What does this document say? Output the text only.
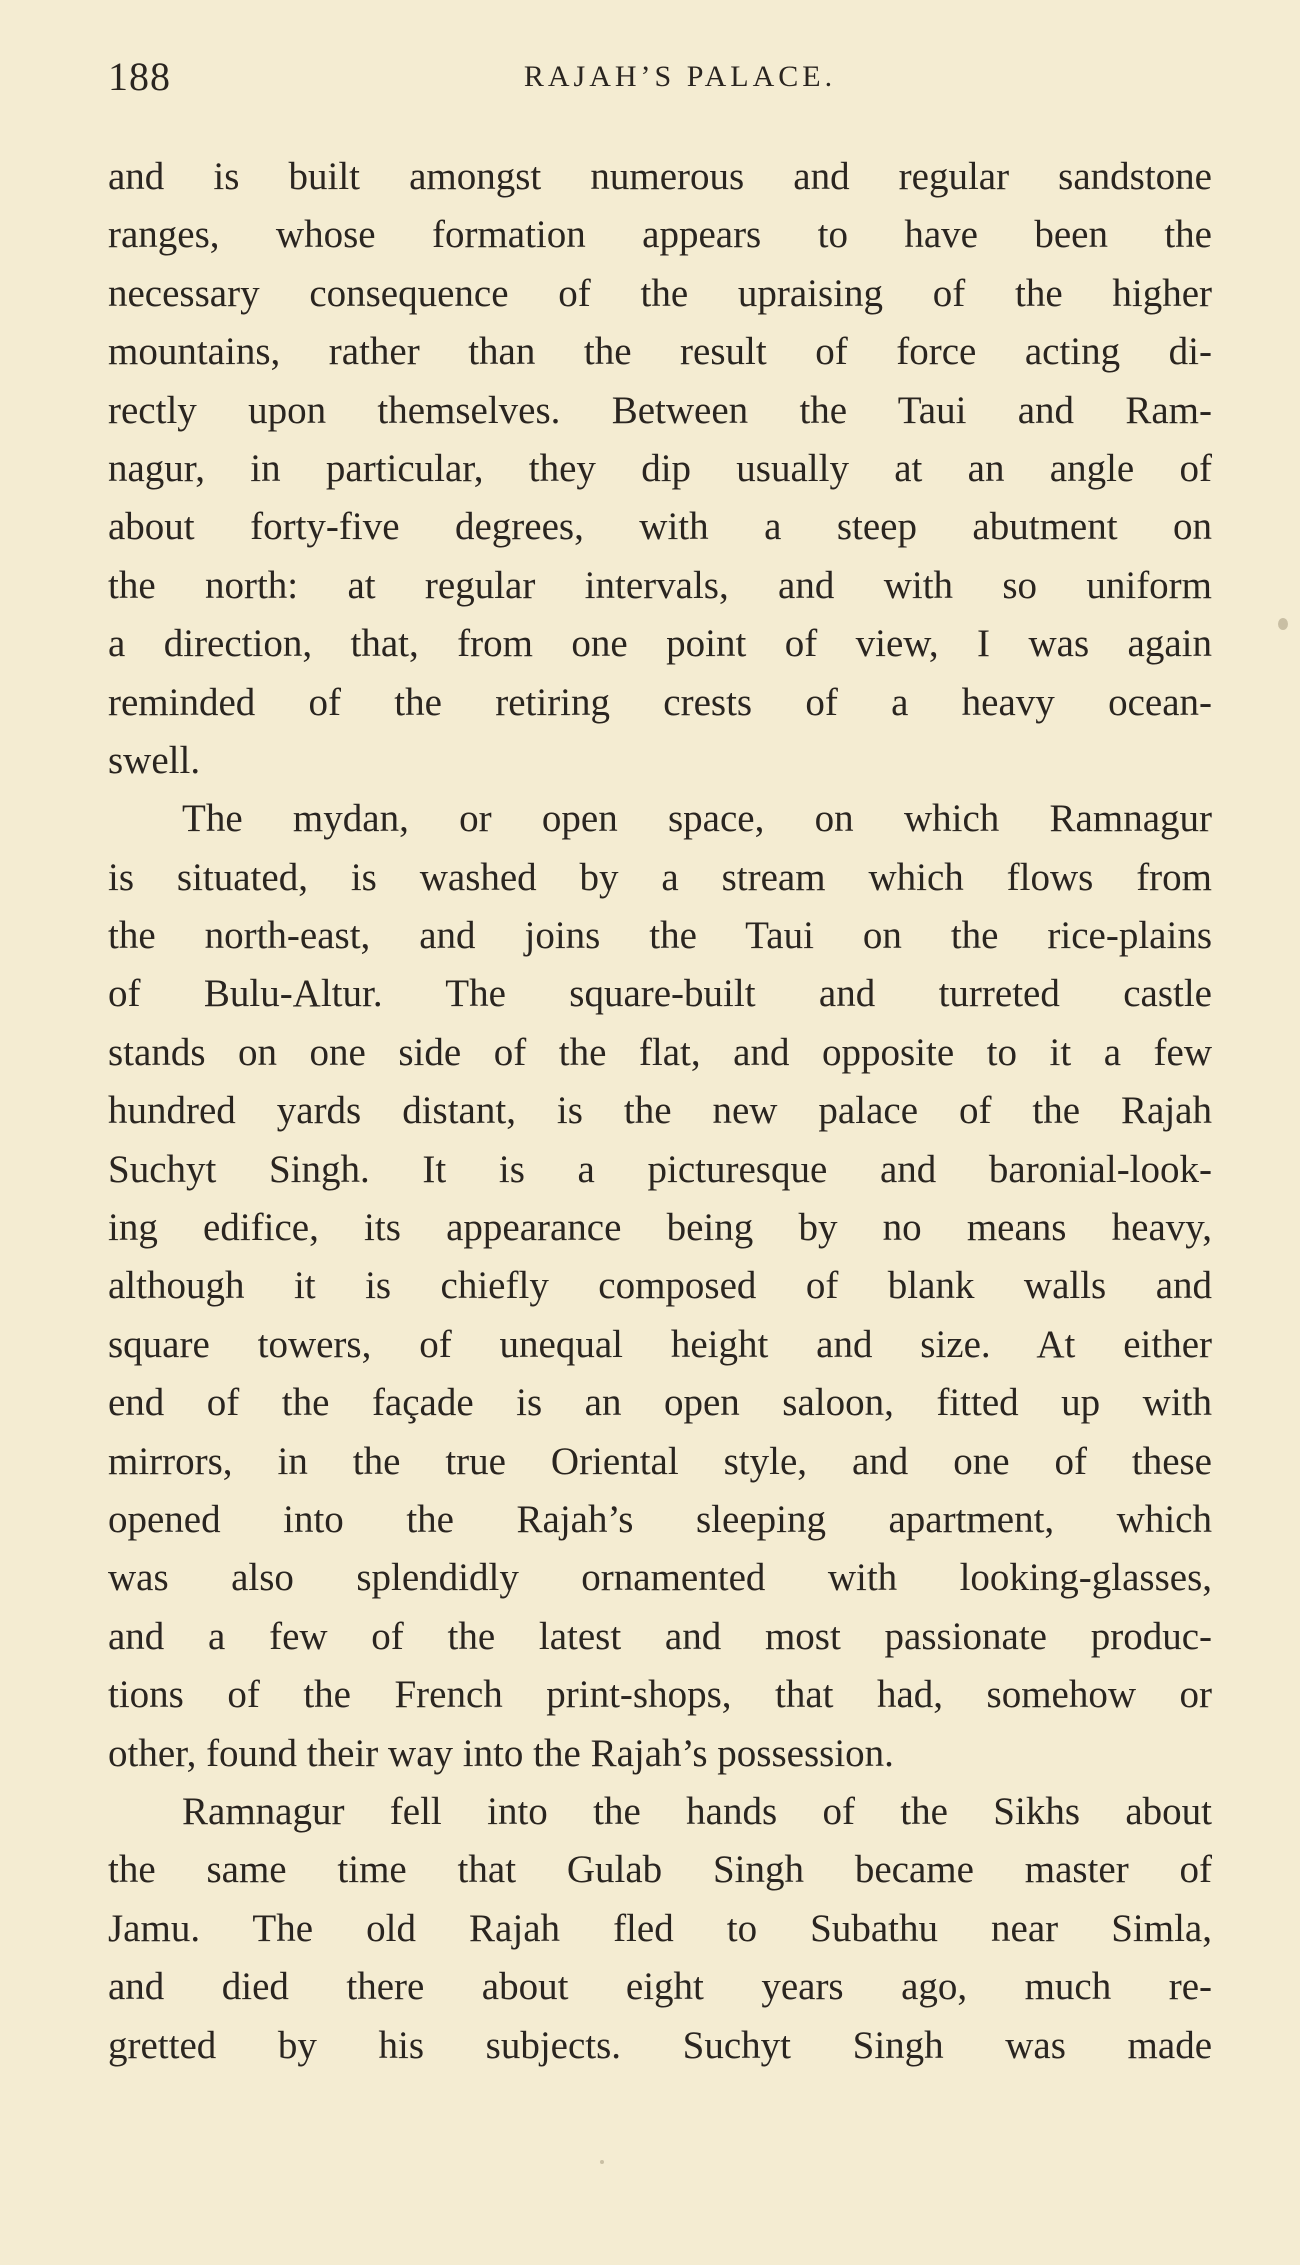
188	RAJAH’S PALACE.
and is built amongst numerous and regular sandstone
ranges, whose formation appears to have been the
necessary consequence of the upraising of the higher
mountains, rather than the result of force acting di-
rectly upon themselves. Between the Taui and Ram-
nagur, in particular, they dip usually at an angle of
about forty-five degrees, with a steep abutment on
the north: at regular intervals, and with so uniform
a direction, that, from one point of view, I was again
reminded of the retiring crests of a heavy ocean-
swell.
The mydan, or open space, on which Ramnagur
is situated, is washed by a stream which flows from
the north-east, and joins the Taui on the rice-plains
of Bulu-Altur. The square-built and turreted castle
stands on one side of the flat, and opposite to it a few
hundred yards distant, is the new palace of the Rajah
Suchyt Singh. It is a picturesque and baronial-look-
ing edifice, its appearance being by no means heavy,
although it is chiefly composed of blank walls and
square towers, of unequal height and size. At either
end of the façade is an open saloon, fitted up with
mirrors, in the true Oriental style, and one of these
opened into the Rajah’s sleeping apartment, which
was also splendidly ornamented with looking-glasses,
and a few of the latest and most passionate produc-
tions of the French print-shops, that had, somehow or
other, found their way into the Rajah’s possession.
Ramnagur fell into the hands of the Sikhs about
the same time that Gulab Singh became master of
Jamu. The old Rajah fled to Subathu near Simla,
and died there about eight years ago, much re-
gretted by his subjects. Suchyt Singh was made
